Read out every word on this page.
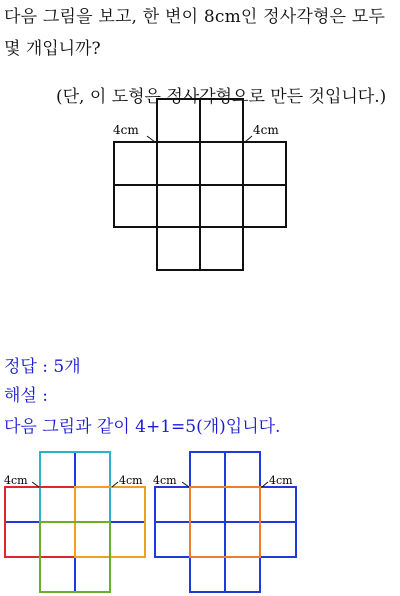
다음 그림을 보고, 한 변이 8cm인 정사각형은 모두
몇 개입니까?
(단, 이 도형은 정사각형으로 만든 것입니다.)
4cm	4cm
정답 : 5개
해설 :
다음 그림과 같이 4+1=5(개)입니다.
4cm	4cm 4cm	4cm
